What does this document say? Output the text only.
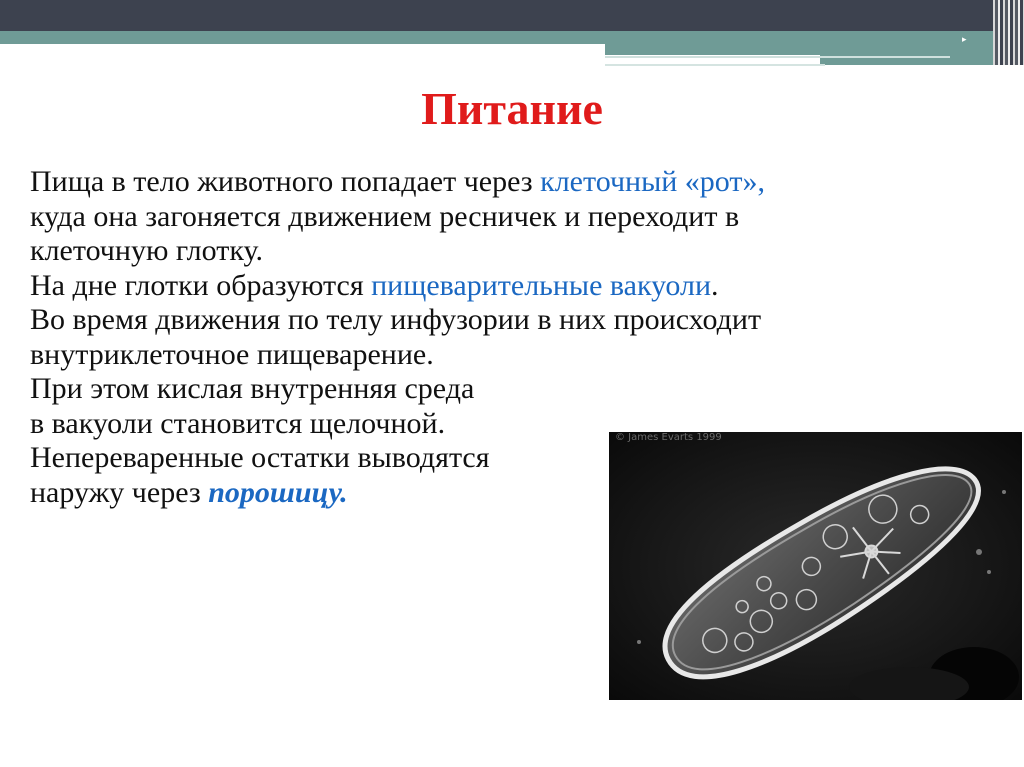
▸
Питание
Пища в тело животного попадает через клеточный «рот»,
куда она загоняется движением ресничек и переходит в
клеточную глотку.
На дне глотки образуются пищеварительные вакуоли.
Во время движения по телу инфузории в них происходит
внутриклеточное пищеварение.
При этом кислая внутренняя среда
в вакуоли становится щелочной.
Непереваренные остатки выводятся
наружу через порошицу.
© James Evarts 1999
